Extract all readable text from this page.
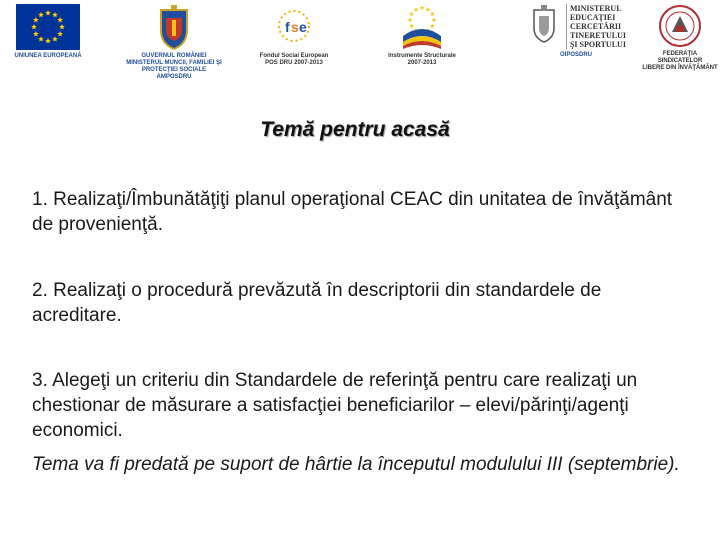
UNIUNEA EUROPEANĂ	GUVERNUL ROMÂNIEI
MINISTERUL MUNCII, FAMILIEI ŞI
PROTECŢIEI SOCIALE
AMPOSDRU
f s e
Fondul Social European
POS DRU 2007-2013
Instrumente Structurale
2007-2013
MINISTERUL
EDUCAŢIEI
CERCETĂRII
TINERETULUI
ŞI SPORTULUI
OIPOSDRU	FEDERAŢIA SINDICATELOR
LIBERE DIN ÎNVĂŢĂMÂNT
Temă pentru acasă
1. Realizaţi/Îmbunătăţiţi planul operaţional CEAC din unitatea de învăţământ de provenienţă.
2. Realizaţi o procedură prevăzută în descriptorii din standardele de acreditare.
3. Alegeţi un criteriu din Standardele de referinţă pentru care realizaţi un chestionar de măsurare a satisfacţiei beneficiarilor – elevi/părinţi/agenţi economici.
Tema va fi predată pe suport de hârtie la începutul modulului III (septembrie).
